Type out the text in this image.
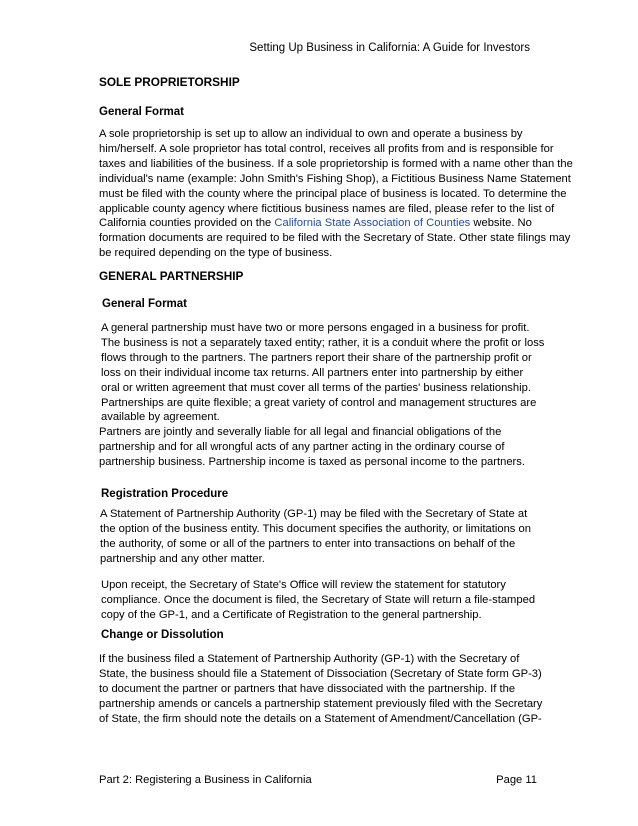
Setting Up Business in California: A Guide for Investors
SOLE PROPRIETORSHIP
General Format
A sole proprietorship is set up to allow an individual to own and operate a business by
him/herself. A sole proprietor has total control, receives all profits from and is responsible for
taxes and liabilities of the business. If a sole proprietorship is formed with a name other than the
individual's name (example: John Smith's Fishing Shop), a Fictitious Business Name Statement
must be filed with the county where the principal place of business is located. To determine the
applicable county agency where fictitious business names are filed, please refer to the list of
California counties provided on the California State Association of Counties website. No
formation documents are required to be filed with the Secretary of State. Other state filings may
be required depending on the type of business.
GENERAL PARTNERSHIP
General Format
A general partnership must have two or more persons engaged in a business for profit.
The business is not a separately taxed entity; rather, it is a conduit where the profit or loss
flows through to the partners. The partners report their share of the partnership profit or
loss on their individual income tax returns. All partners enter into partnership by either
oral or written agreement that must cover all terms of the parties' business relationship.
Partnerships are quite flexible; a great variety of control and management structures are
available by agreement.
Partners are jointly and severally liable for all legal and financial obligations of the
partnership and for all wrongful acts of any partner acting in the ordinary course of
partnership business. Partnership income is taxed as personal income to the partners.
Registration Procedure
A Statement of Partnership Authority (GP-1) may be filed with the Secretary of State at
the option of the business entity. This document specifies the authority, or limitations on
the authority, of some or all of the partners to enter into transactions on behalf of the
partnership and any other matter.
Upon receipt, the Secretary of State's Office will review the statement for statutory
compliance. Once the document is filed, the Secretary of State will return a file-stamped
copy of the GP-1, and a Certificate of Registration to the general partnership.
Change or Dissolution
If the business filed a Statement of Partnership Authority (GP-1) with the Secretary of
State, the business should file a Statement of Dissociation (Secretary of State form GP-3)
to document the partner or partners that have dissociated with the partnership. If the
partnership amends or cancels a partnership statement previously filed with the Secretary
of State, the firm should note the details on a Statement of Amendment/Cancellation (GP-
Part 2: Registering a Business in California	Page 11
